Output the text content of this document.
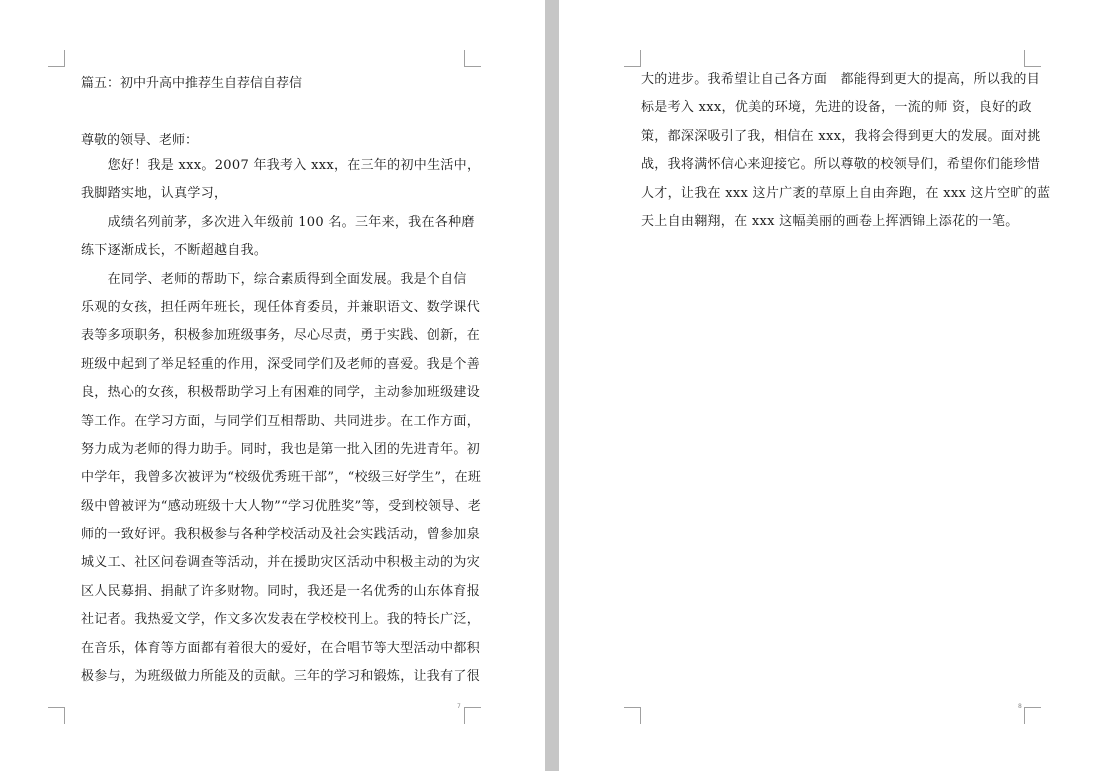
篇五：初中升高中推荐生自荐信自荐信
尊敬的领导、老师：
　　您好！我是 xxx。2007 年我考入 xxx，在三年的初中生活中，
我脚踏实地，认真学习，
　　成绩名列前茅，多次进入年级前 100 名。三年来，我在各种磨
练下逐渐成长，不断超越自我。
　　在同学、老师的帮助下，综合素质得到全面发展。我是个自信
乐观的女孩，担任两年班长，现任体育委员，并兼职语文、数学课代
表等多项职务，积极参加班级事务，尽心尽责，勇于实践、创新，在
班级中起到了举足轻重的作用，深受同学们及老师的喜爱。我是个善
良，热心的女孩，积极帮助学习上有困难的同学，主动参加班级建设
等工作。在学习方面，与同学们互相帮助、共同进步。在工作方面，
努力成为老师的得力助手。同时，我也是第一批入团的先进青年。初
中学年，我曾多次被评为“校级优秀班干部”，“校级三好学生”，在班
级中曾被评为“感动班级十大人物”“学习优胜奖”等，受到校领导、老
师的一致好评。我积极参与各种学校活动及社会实践活动，曾参加泉
城义工、社区问卷调查等活动，并在援助灾区活动中积极主动的为灾
区人民募捐、捐献了许多财物。同时，我还是一名优秀的山东体育报
社记者。我热爱文学，作文多次发表在学校校刊上。我的特长广泛，
在音乐，体育等方面都有着很大的爱好，在合唱节等大型活动中都积
极参与，为班级做力所能及的贡献。三年的学习和锻炼，让我有了很
7
大的进步。我希望让自己各方面　都能得到更大的提高，所以我的目
标是考入 xxx，优美的环境，先进的设备，一流的师 资，良好的政
策，都深深吸引了我，相信在 xxx，我将会得到更大的发展。面对挑
战，我将满怀信心来迎接它。所以尊敬的校领导们，希望你们能珍惜
人才，让我在 xxx 这片广袤的草原上自由奔跑，在 xxx 这片空旷的蓝
天上自由翱翔，在 xxx 这幅美丽的画卷上挥洒锦上添花的一笔。
8
